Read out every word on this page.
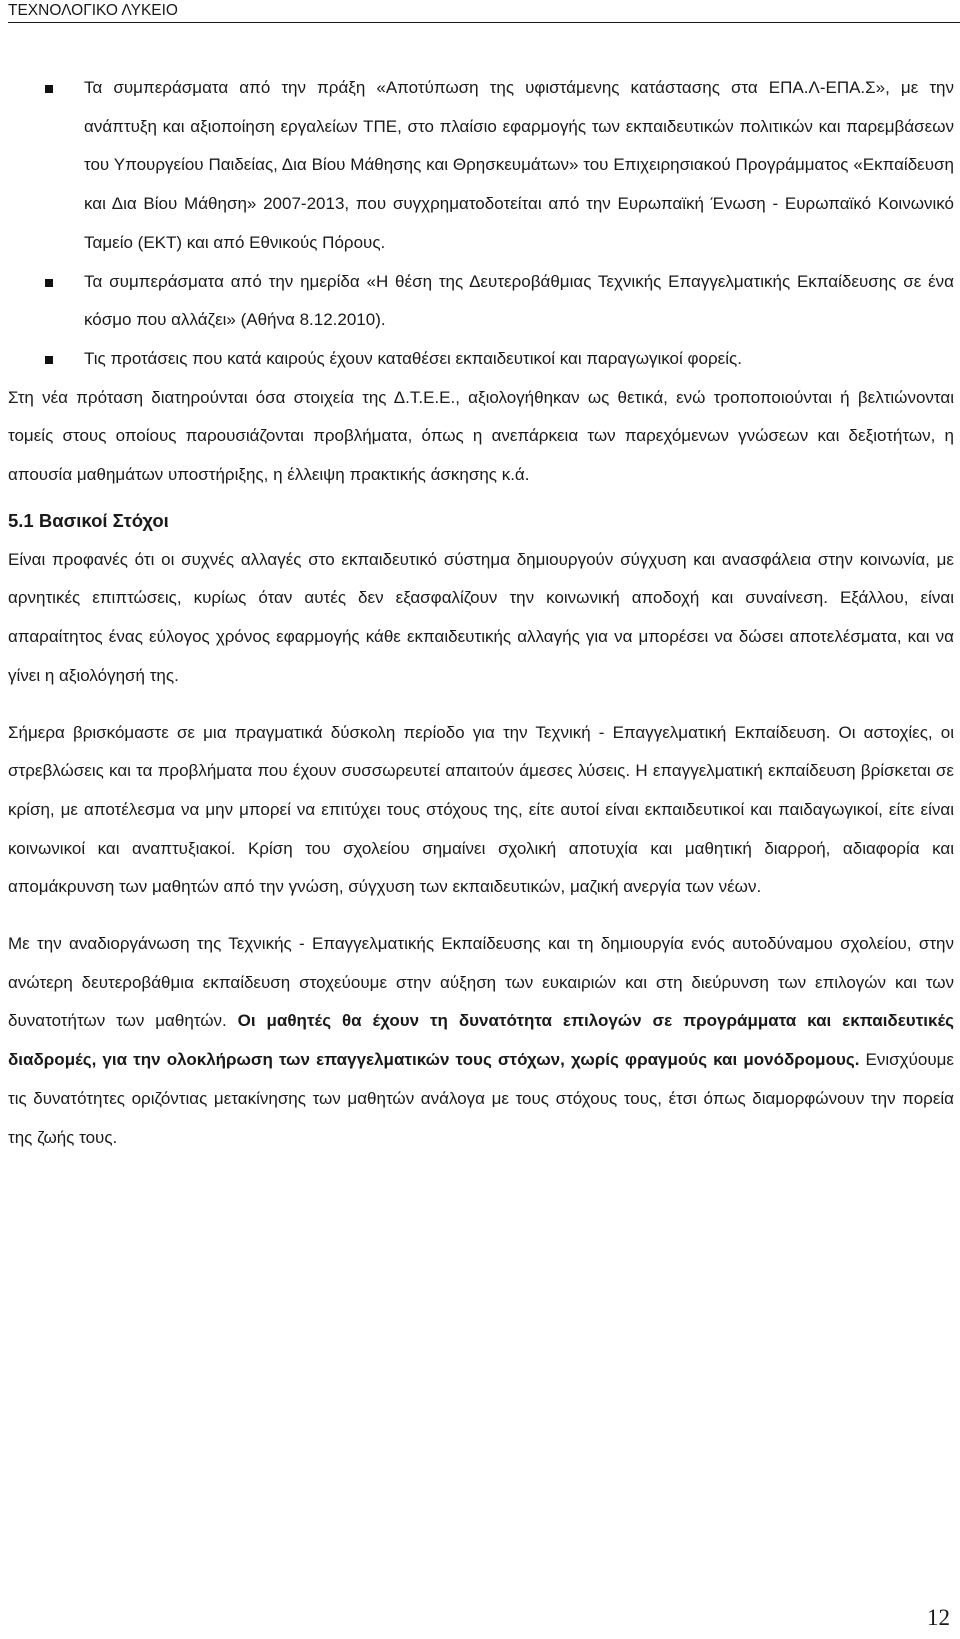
ΤΕΧΝΟΛΟΓΙΚΟ ΛΥΚΕΙΟ
Τα συμπεράσματα από την πράξη «Αποτύπωση της υφιστάμενης κατάστασης στα ΕΠΑ.Λ-ΕΠΑ.Σ», με την ανάπτυξη και αξιοποίηση εργαλείων ΤΠΕ, στο πλαίσιο εφαρμογής των εκπαιδευτικών πολιτικών και παρεμβάσεων του Υπουργείου Παιδείας, Δια Βίου Μάθησης και Θρησκευμάτων» του Επιχειρησιακού Προγράμματος «Εκπαίδευση και Δια Βίου Μάθηση» 2007-2013, που συγχρηματοδοτείται από την Ευρωπαϊκή Ένωση - Ευρωπαϊκό Κοινωνικό Ταμείο (ΕΚΤ) και από Εθνικούς Πόρους.
Τα συμπεράσματα από την ημερίδα «Η θέση της Δευτεροβάθμιας Τεχνικής Επαγγελματικής Εκπαίδευσης σε ένα κόσμο που αλλάζει» (Αθήνα 8.12.2010).
Τις προτάσεις που κατά καιρούς έχουν καταθέσει εκπαιδευτικοί και παραγωγικοί φορείς.

Στη νέα πρόταση διατηρούνται όσα στοιχεία της Δ.Τ.Ε.Ε., αξιολογήθηκαν ως θετικά, ενώ τροποποιούνται ή βελτιώνονται τομείς στους οποίους παρουσιάζονται προβλήματα, όπως η ανεπάρκεια των παρεχόμενων γνώσεων και δεξιοτήτων, η απουσία μαθημάτων υποστήριξης, η έλλειψη πρακτικής άσκησης κ.ά.

5.1 Βασικοί Στόχοι

Είναι προφανές ότι οι συχνές αλλαγές στο εκπαιδευτικό σύστημα δημιουργούν σύγχυση και ανασφάλεια στην κοινωνία, με αρνητικές επιπτώσεις, κυρίως όταν αυτές δεν εξασφαλίζουν την κοινωνική αποδοχή και συναίνεση. Εξάλλου, είναι απαραίτητος ένας εύλογος χρόνος εφαρμογής κάθε εκπαιδευτικής αλλαγής για να μπορέσει να δώσει αποτελέσματα, και να γίνει η αξιολόγησή της.

Σήμερα βρισκόμαστε σε μια πραγματικά δύσκολη περίοδο για την Τεχνική - Επαγγελματική Εκπαίδευση. Οι αστοχίες, οι στρεβλώσεις και τα προβλήματα που έχουν συσσωρευτεί απαιτούν άμεσες λύσεις. Η επαγγελματική εκπαίδευση βρίσκεται σε κρίση, με αποτέλεσμα να μην μπορεί να επιτύχει τους στόχους της, είτε αυτοί είναι εκπαιδευτικοί και παιδαγωγικοί, είτε είναι κοινωνικοί και αναπτυξιακοί. Κρίση του σχολείου σημαίνει σχολική αποτυχία και μαθητική διαρροή, αδιαφορία και απομάκρυνση των μαθητών από την γνώση, σύγχυση των εκπαιδευτικών, μαζική ανεργία των νέων.

Με την αναδιοργάνωση της Τεχνικής - Επαγγελματικής Εκπαίδευσης και τη δημιουργία ενός αυτοδύναμου σχολείου, στην ανώτερη δευτεροβάθμια εκπαίδευση στοχεύουμε στην αύξηση των ευκαιριών και στη διεύρυνση των επιλογών και των δυνατοτήτων των μαθητών. Οι μαθητές θα έχουν τη δυνατότητα επιλογών σε προγράμματα και εκπαιδευτικές διαδρομές, για την ολοκλήρωση των επαγγελματικών τους στόχων, χωρίς φραγμούς και μονόδρομους. Ενισχύουμε τις δυνατότητες οριζόντιας μετακίνησης των μαθητών ανάλογα με τους στόχους τους, έτσι όπως διαμορφώνουν την πορεία της ζωής τους.

12
